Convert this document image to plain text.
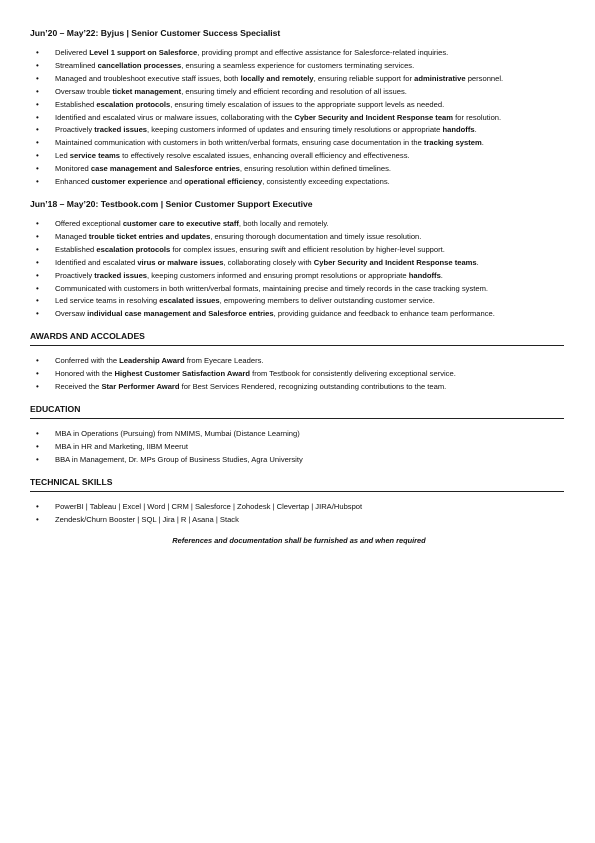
Jun’20 – May’22: Byjus | Senior Customer Success Specialist
• Delivered Level 1 support on Salesforce, providing prompt and effective assistance for Salesforce-related inquiries.
• Streamlined cancellation processes, ensuring a seamless experience for customers terminating services.
• Managed and troubleshoot executive staff issues, both locally and remotely, ensuring reliable support for administrative personnel.
• Oversaw trouble ticket management, ensuring timely and efficient recording and resolution of all issues.
• Established escalation protocols, ensuring timely escalation of issues to the appropriate support levels as needed.
• Identified and escalated virus or malware issues, collaborating with the Cyber Security and Incident Response team for resolution.
• Proactively tracked issues, keeping customers informed of updates and ensuring timely resolutions or appropriate handoffs.
• Maintained communication with customers in both written/verbal formats, ensuring case documentation in the tracking system.
• Led service teams to effectively resolve escalated issues, enhancing overall efficiency and effectiveness.
• Monitored case management and Salesforce entries, ensuring resolution within defined timelines.
• Enhanced customer experience and operational efficiency, consistently exceeding expectations.
Jun’18 – May’20: Testbook.com | Senior Customer Support Executive
• Offered exceptional customer care to executive staff, both locally and remotely.
• Managed trouble ticket entries and updates, ensuring thorough documentation and timely issue resolution.
• Established escalation protocols for complex issues, ensuring swift and efficient resolution by higher-level support.
• Identified and escalated virus or malware issues, collaborating closely with Cyber Security and Incident Response teams.
• Proactively tracked issues, keeping customers informed and ensuring prompt resolutions or appropriate handoffs.
• Communicated with customers in both written/verbal formats, maintaining precise and timely records in the case tracking system.
• Led service teams in resolving escalated issues, empowering members to deliver outstanding customer service.
• Oversaw individual case management and Salesforce entries, providing guidance and feedback to enhance team performance.
AWARDS AND ACCOLADES
• Conferred with the Leadership Award from Eyecare Leaders.
• Honored with the Highest Customer Satisfaction Award from Testbook for consistently delivering exceptional service.
• Received the Star Performer Award for Best Services Rendered, recognizing outstanding contributions to the team.
EDUCATION
• MBA in Operations (Pursuing) from NMIMS, Mumbai (Distance Learning)
• MBA in HR and Marketing, IIBM Meerut
• BBA in Management, Dr. MPs Group of Business Studies, Agra University
TECHNICAL SKILLS
• PowerBI | Tableau | Excel | Word | CRM | Salesforce | Zohodesk | Clevertap | JIRA/Hubspot
• Zendesk/Churn Booster | SQL | Jira | R | Asana | Stack
References and documentation shall be furnished as and when required
